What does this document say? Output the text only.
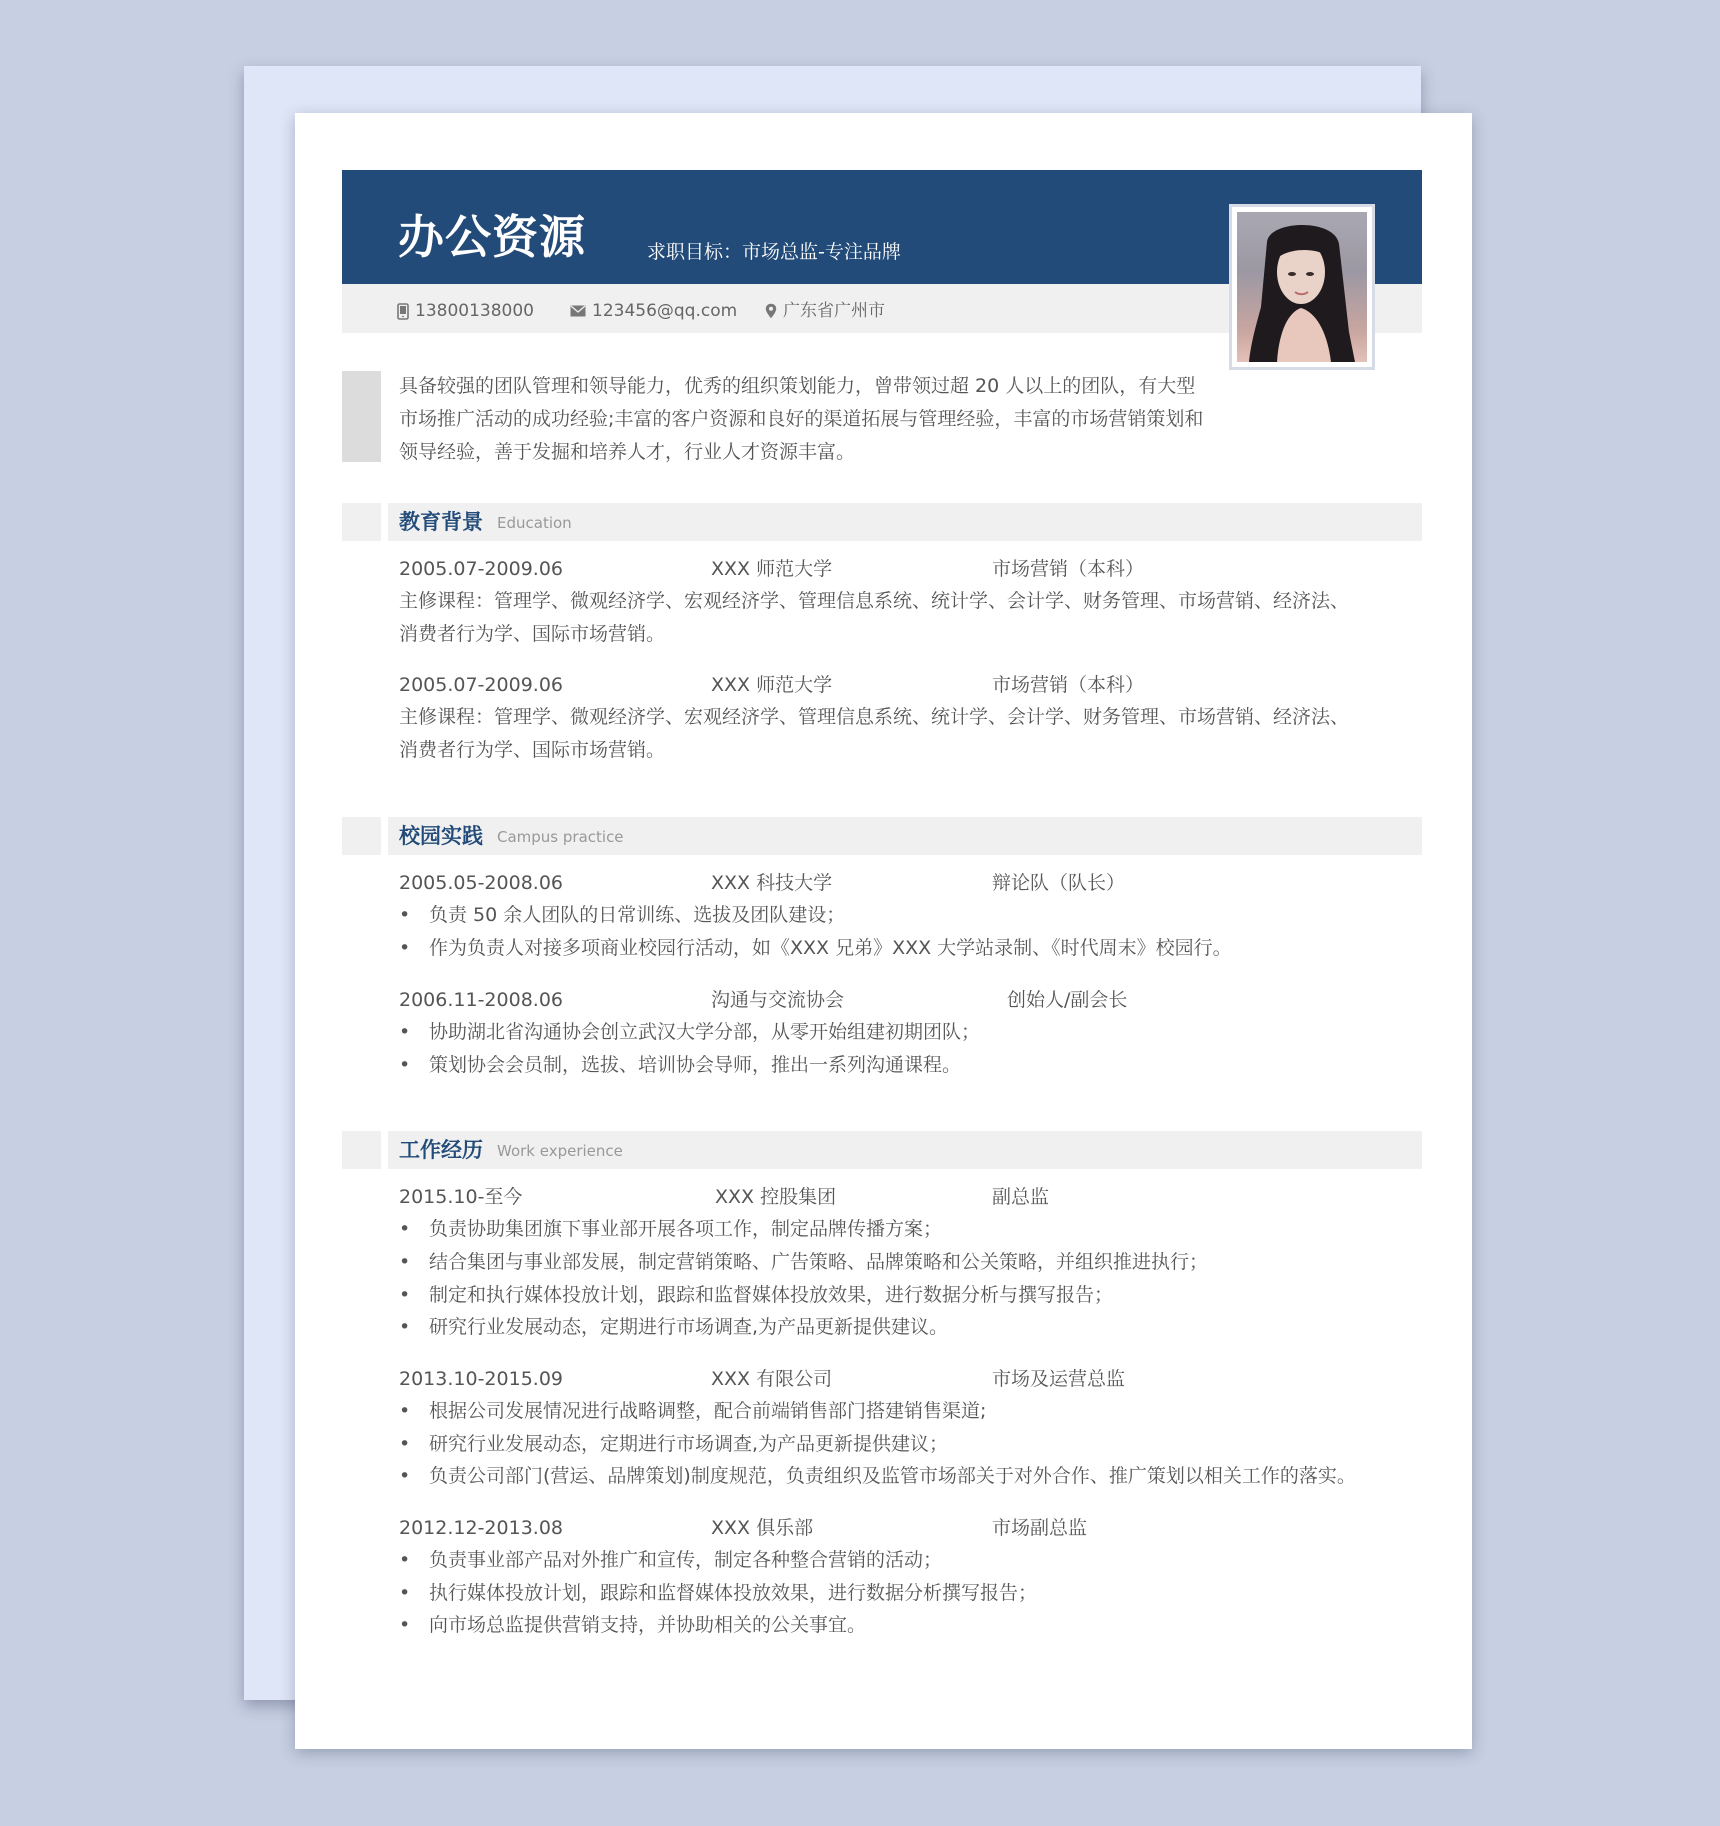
办公资源	求职目标：市场总监-专注品牌
13800138000	123456@qq.com	广东省广州市
具备较强的团队管理和领导能力，优秀的组织策划能力，曾带领过超 20 人以上的团队，有大型
市场推广活动的成功经验;丰富的客户资源和良好的渠道拓展与管理经验，丰富的市场营销策划和
领导经验，善于发掘和培养人才，行业人才资源丰富。
教育背景 Education
2005.07-2009.06	XXX 师范大学	市场营销（本科）
主修课程：管理学、微观经济学、宏观经济学、管理信息系统、统计学、会计学、财务管理、市场营销、经济法、
消费者行为学、国际市场营销。
2005.07-2009.06	XXX 师范大学	市场营销（本科）
主修课程：管理学、微观经济学、宏观经济学、管理信息系统、统计学、会计学、财务管理、市场营销、经济法、
消费者行为学、国际市场营销。
校园实践 Campus practice
2005.05-2008.06	XXX 科技大学	辩论队（队长）
•负责 50 余人团队的日常训练、选拔及团队建设；
•作为负责人对接多项商业校园行活动，如《XXX 兄弟》XXX 大学站录制、《时代周末》校园行。
2006.11-2008.06	沟通与交流协会	创始人/副会长
•协助湖北省沟通协会创立武汉大学分部，从零开始组建初期团队；
•策划协会会员制，选拔、培训协会导师，推出一系列沟通课程。
工作经历 Work experience
2015.10-至今	XXX 控股集团	副总监
•负责协助集团旗下事业部开展各项工作，制定品牌传播方案；
•结合集团与事业部发展，制定营销策略、广告策略、品牌策略和公关策略，并组织推进执行；
•制定和执行媒体投放计划，跟踪和监督媒体投放效果，进行数据分析与撰写报告；
•研究行业发展动态，定期进行市场调查,为产品更新提供建议。
2013.10-2015.09	XXX 有限公司	市场及运营总监
•根据公司发展情况进行战略调整，配合前端销售部门搭建销售渠道;
•研究行业发展动态，定期进行市场调查,为产品更新提供建议；
•负责公司部门(营运、品牌策划)制度规范，负责组织及监管市场部关于对外合作、推广策划以相关工作的落实。
2012.12-2013.08	XXX 俱乐部	市场副总监
•负责事业部产品对外推广和宣传，制定各种整合营销的活动；
•执行媒体投放计划，跟踪和监督媒体投放效果，进行数据分析撰写报告；
•向市场总监提供营销支持，并协助相关的公关事宜。
